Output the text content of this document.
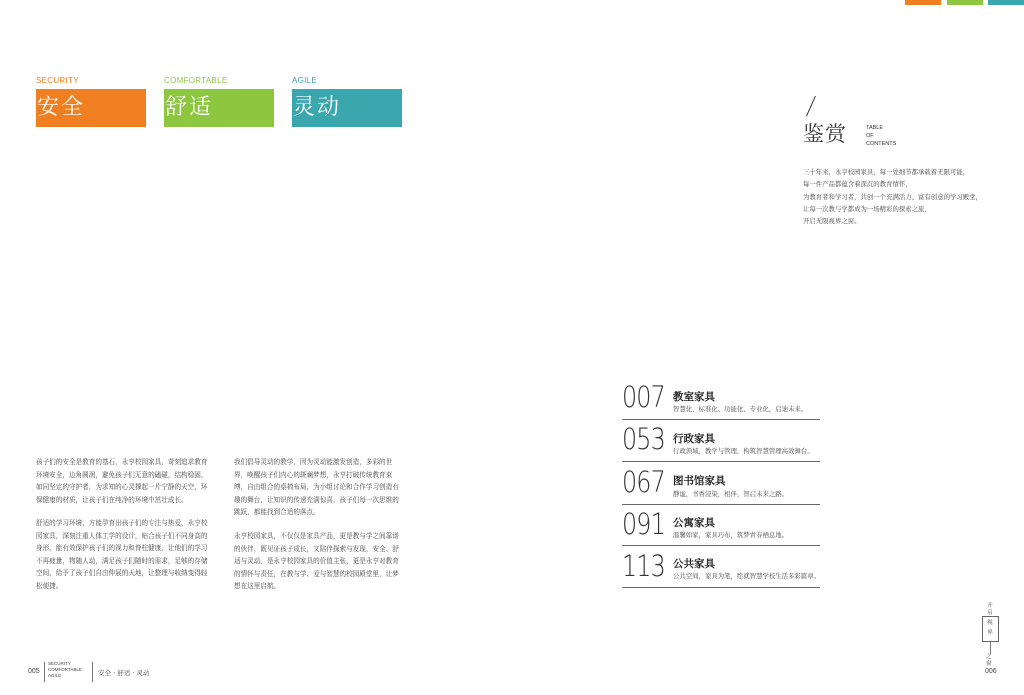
SECURITY
安全
COMFORTABLE
舒适
AGILE
灵动
孩子们的安全是教育的基石，永亨校园家具，苛刻追求教育环境安全，边角圆润，避免孩子们无意的磕碰，结构稳固，如同坚定的守护者，为求知的心灵撑起一片宁静的天空，环保健康的材质，让孩子们在纯净的环境中茁壮成长。
舒适的学习环境，方能孕育出孩子们的专注与热爱，永亨校园家具，深刻注重人体工学的设计，贴合孩子们不同身高的身形，能有效保护孩子们的视力和脊柱健康，让他们的学习不再疲惫，物随人动，满足孩子们随时的需求，足够的存储空间，给予了孩子们自由伸展的天地，让整理与收纳变得轻松便捷。
我们倡导灵动的教学，因为灵动能激发创造，多彩的世界，唤醒孩子们内心的斑斓梦想，永亨打破传统教育束缚，自由组合的桌椅布局，为小组讨论和合作学习创造有趣的舞台，让知识的传递充满惊喜，孩子们每一次思维的跳跃，都能找到合适的落点。
永亨校园家具，不仅仅是家具产品，更是教与学之间靠谱的伙伴，既见证孩子成长，又陪伴探索与发现，安全、舒适与灵动，是永亨校园家具的价值主张，更是永亨对教育的情怀与责任，在教与学、爱与智慧的校园殿堂里，让梦想在这里启航。
鉴赏	TABLE
OF
CONTENTS
三十年来，永亨校园家具，每一处细节都承载着无限可能，
每一件产品都蕴含着深沉的教育情怀，
为教育者和学习者，共创一个充满活力、富有创意的学习殿堂，
让每一次教与学都成为一场精彩的探索之旅，
开启无限视界之窗。
007 教室家具
智慧化、标准化、功能化、专业化，启迪未来。
053 行政家具
行政领域，教学与管理，构筑智慧管理高效舞台。
067 图书馆家具
静谧，书香浸染，相伴，智启未来之路。
091 公寓家具
温馨如家，家具巧布，筑梦青春栖息地。
113 公共家具
公共空间，家具为笔，绘就智慧学校生活多彩篇章。
005
SECURITY
COMFORTABLE
AGILE	安全 · 舒适 · 灵动
开启
视
界
之窗
006
